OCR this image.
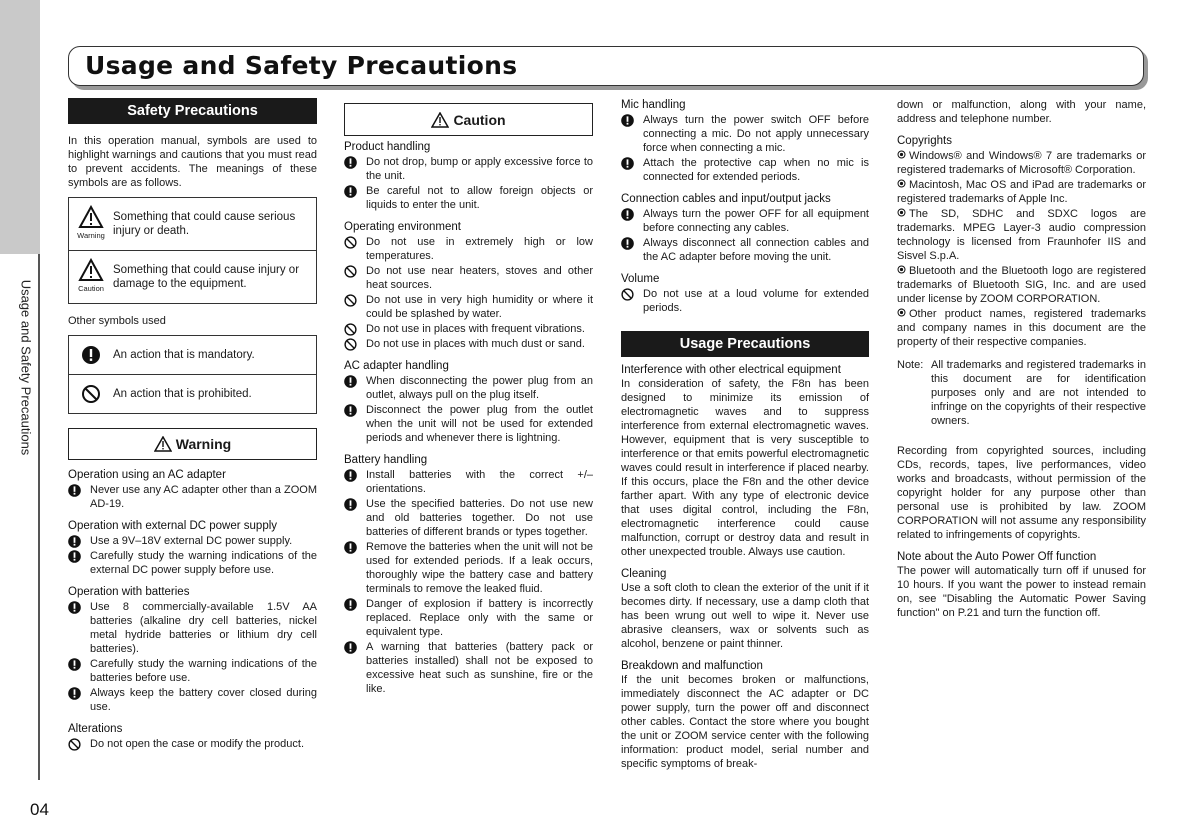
Usage and Safety Precautions
04
Usage and Safety Precautions
Safety Precautions
In this operation manual, symbols are used to highlight warnings and cautions that you must read to prevent accidents. The meanings of these symbols are as follows.
Warning
Something that could cause serious injury or death.
Caution
Something that could cause injury or damage to the equipment.
Other symbols used
An action that is mandatory.
An action that is prohibited.
Warning
Operation using an AC adapter
Never use any AC adapter other than a ZOOM AD-19.
Operation with external DC power supply
Use a 9V–18V external DC power supply.
Carefully study the warning indications of the external DC power supply before use.
Operation with batteries
Use 8 commercially-available 1.5V AA batteries (alkaline dry cell batteries, nickel metal hydride batteries or lithium dry cell batteries).
Carefully study the warning indications of the batteries before use.
Always keep the battery cover closed during use.
Alterations
Do not open the case or modify the product.
Caution
Product handling
Do not drop, bump or apply excessive force to the unit.
Be careful not to allow foreign objects or liquids to enter the unit.
Operating environment
Do not use in extremely high or low temperatures.
Do not use near heaters, stoves and other heat sources.
Do not use in very high humidity or where it could be splashed by water.
Do not use in places with frequent vibrations.
Do not use in places with much dust or sand.
AC adapter handling
When disconnecting the power plug from an outlet, always pull on the plug itself.
Disconnect the power plug from the outlet when the unit will not be used for extended periods and whenever there is lightning.
Battery handling
Install batteries with the correct +/– orientations.
Use the specified batteries. Do not use new and old batteries together. Do not use batteries of different brands or types together.
Remove the batteries when the unit will not be used for extended periods. If a leak occurs, thoroughly wipe the battery case and battery terminals to remove the leaked fluid.
Danger of explosion if battery is incorrectly replaced. Replace only with the same or equivalent type.
A warning that batteries (battery pack or batteries installed) shall not be exposed to excessive heat such as sunshine, fire or the like.
Mic handling
Always turn the power switch OFF before connecting a mic. Do not apply unnecessary force when connecting a mic.
Attach the protective cap when no mic is connected for extended periods.
Connection cables and input/output jacks
Always turn the power OFF for all equipment before connecting any cables.
Always disconnect all connection cables and the AC adapter before moving the unit.
Volume
Do not use at a loud volume for extended periods.
Usage Precautions
Interference with other electrical equipment
In consideration of safety, the F8n has been designed to minimize its emission of electromagnetic waves and to suppress interference from external electromagnetic waves. However, equipment that is very susceptible to interference or that emits powerful electromagnetic waves could result in interference if placed nearby. If this occurs, place the F8n and the other device farther apart. With any type of electronic device that uses digital control, including the F8n, electromagnetic interference could cause malfunction, corrupt or destroy data and result in other unexpected trouble. Always use caution.
Cleaning
Use a soft cloth to clean the exterior of the unit if it becomes dirty. If necessary, use a damp cloth that has been wrung out well to wipe it. Never use abrasive cleansers, wax or solvents such as alcohol, benzene or paint thinner.
Breakdown and malfunction
If the unit becomes broken or malfunctions, immediately disconnect the AC adapter or DC power supply, turn the power off and disconnect other cables. Contact the store where you bought the unit or ZOOM service center with the following information: product model, serial number and specific symptoms of break-
down or malfunction, along with your name, address and telephone number.
Copyrights
Windows® and Windows® 7 are trademarks or registered trademarks of Microsoft® Corporation.
Macintosh, Mac OS and iPad are trademarks or registered trademarks of Apple Inc.
The SD, SDHC and SDXC logos are trademarks. MPEG Layer-3 audio compression technology is licensed from Fraunhofer IIS and Sisvel S.p.A.
Bluetooth and the Bluetooth logo are registered trademarks of Bluetooth SIG, Inc. and are used under license by ZOOM CORPORATION.
Other product names, registered trademarks and company names in this document are the property of their respective companies.
Note: All trademarks and registered trademarks in this document are for identification purposes only and are not intended to infringe on the copyrights of their respective owners.
Recording from copyrighted sources, including CDs, records, tapes, live performances, video works and broadcasts, without permission of the copyright holder for any purpose other than personal use is prohibited by law. ZOOM CORPORATION will not assume any responsibility related to infringements of copyrights.
Note about the Auto Power Off function
The power will automatically turn off if unused for 10 hours. If you want the power to instead remain on, see "Disabling the Automatic Power Saving function" on P.21 and turn the function off.
